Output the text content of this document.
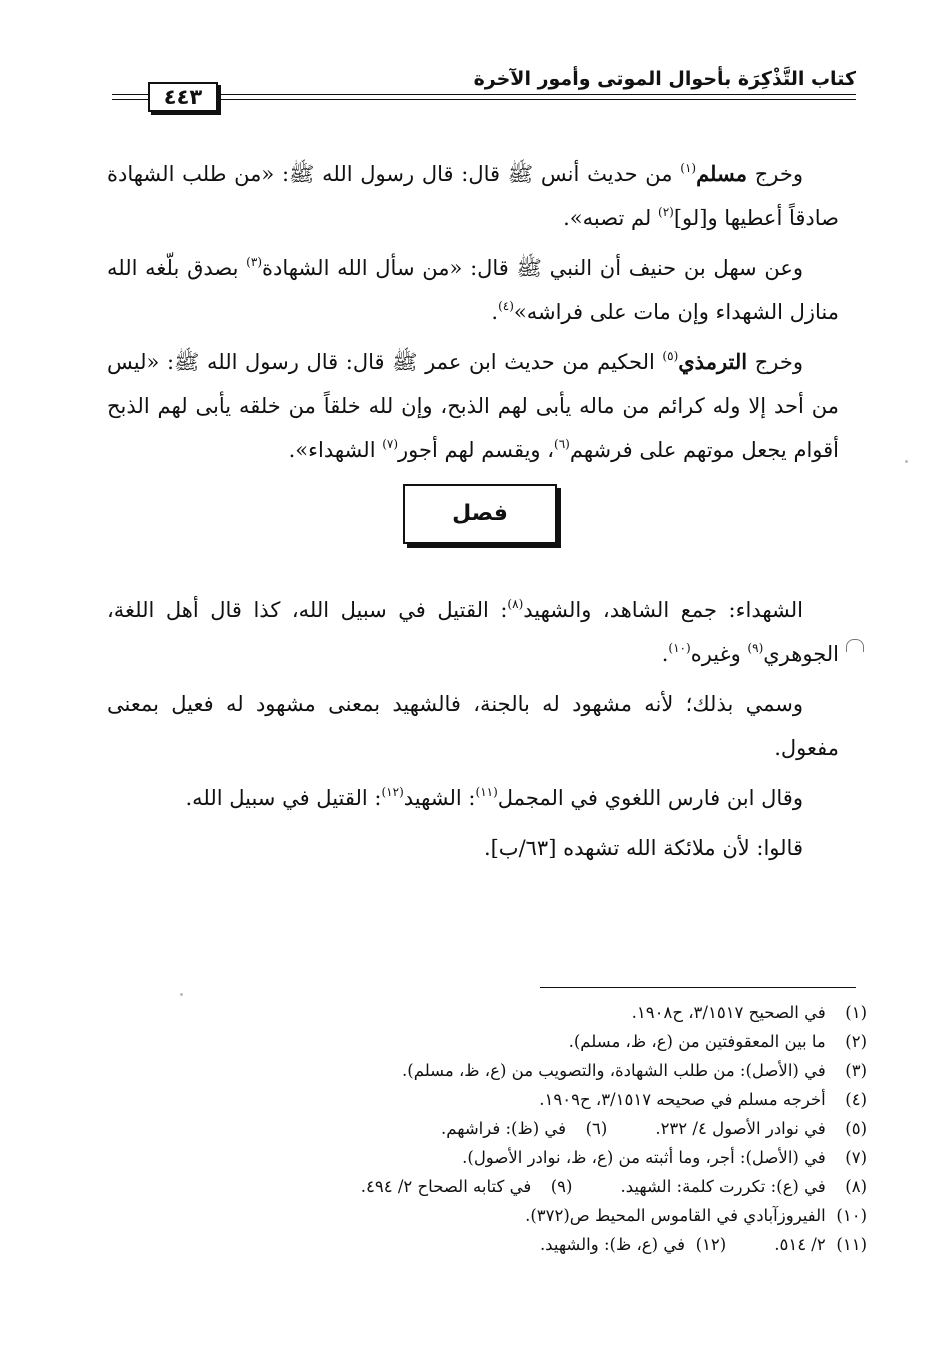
كتاب التَّذْكِرَة بأحوال الموتى وأمور الآخرة
٤٤٣

وخرج مسلم$^{(١)}$ من حديث أنس ﷺ قال: قال رسول الله ﷺ: «من طلب الشهادة صادقاً أعطيها و[لو]$^{(٢)}$ لم تصبه».

وعن سهل بن حنيف أن النبي ﷺ قال: «من سأل الله الشهادة$^{(٣)}$ بصدق بلّغه الله منازل الشهداء وإن مات على فراشه»$^{(٤)}$.

وخرج الترمذي$^{(٥)}$ الحكيم من حديث ابن عمر ﷺ قال: قال رسول الله ﷺ: «ليس من أحد إلا وله كرائم من ماله يأبى لهم الذبح، وإن لله خلقاً من خلقه يأبى لهم الذبح أقوام يجعل موتهم على فرشهم$^{(٦)}$، ويقسم لهم أجور$^{(٧)}$ الشهداء».

فصل

الشهداء: جمع الشاهد، والشهيد$^{(٨)}$: القتيل في سبيل الله، كذا قال أهل اللغة، الجوهري$^{(٩)}$ وغيره$^{(١٠)}$.

وسمي بذلك؛ لأنه مشهود له بالجنة، فالشهيد بمعنى مشهود له فعيل بمعنى مفعول.

وقال ابن فارس اللغوي في المجمل$^{(١١)}$: الشهيد$^{(١٢)}$: القتيل في سبيل الله.

قالوا: لأن ملائكة الله تشهده [٦٣/ب].

(١) في الصحيح ٣/١٥١٧، ح١٩٠٨.
(٢) ما بين المعقوفتين من (ع، ظ، مسلم).
(٣) في (الأصل): من طلب الشهادة، والتصويب من (ع، ظ، مسلم).
(٤) أخرجه مسلم في صحيحه ٣/١٥١٧، ح١٩٠٩.
(٥) في نوادر الأصول ٤/ ٢٣٢.(٦) في (ظ): فراشهم.
(٧) في (الأصل): أجر، وما أثبته من (ع، ظ، نوادر الأصول).
(٨) في (ع): تكررت كلمة: الشهيد.(٩) في كتابه الصحاح ٢/ ٤٩٤.
(١٠) الفيروزآبادي في القاموس المحيط ص(٣٧٢).
(١١) ٢/ ٥١٤.(١٢) في (ع، ظ): والشهيد.
